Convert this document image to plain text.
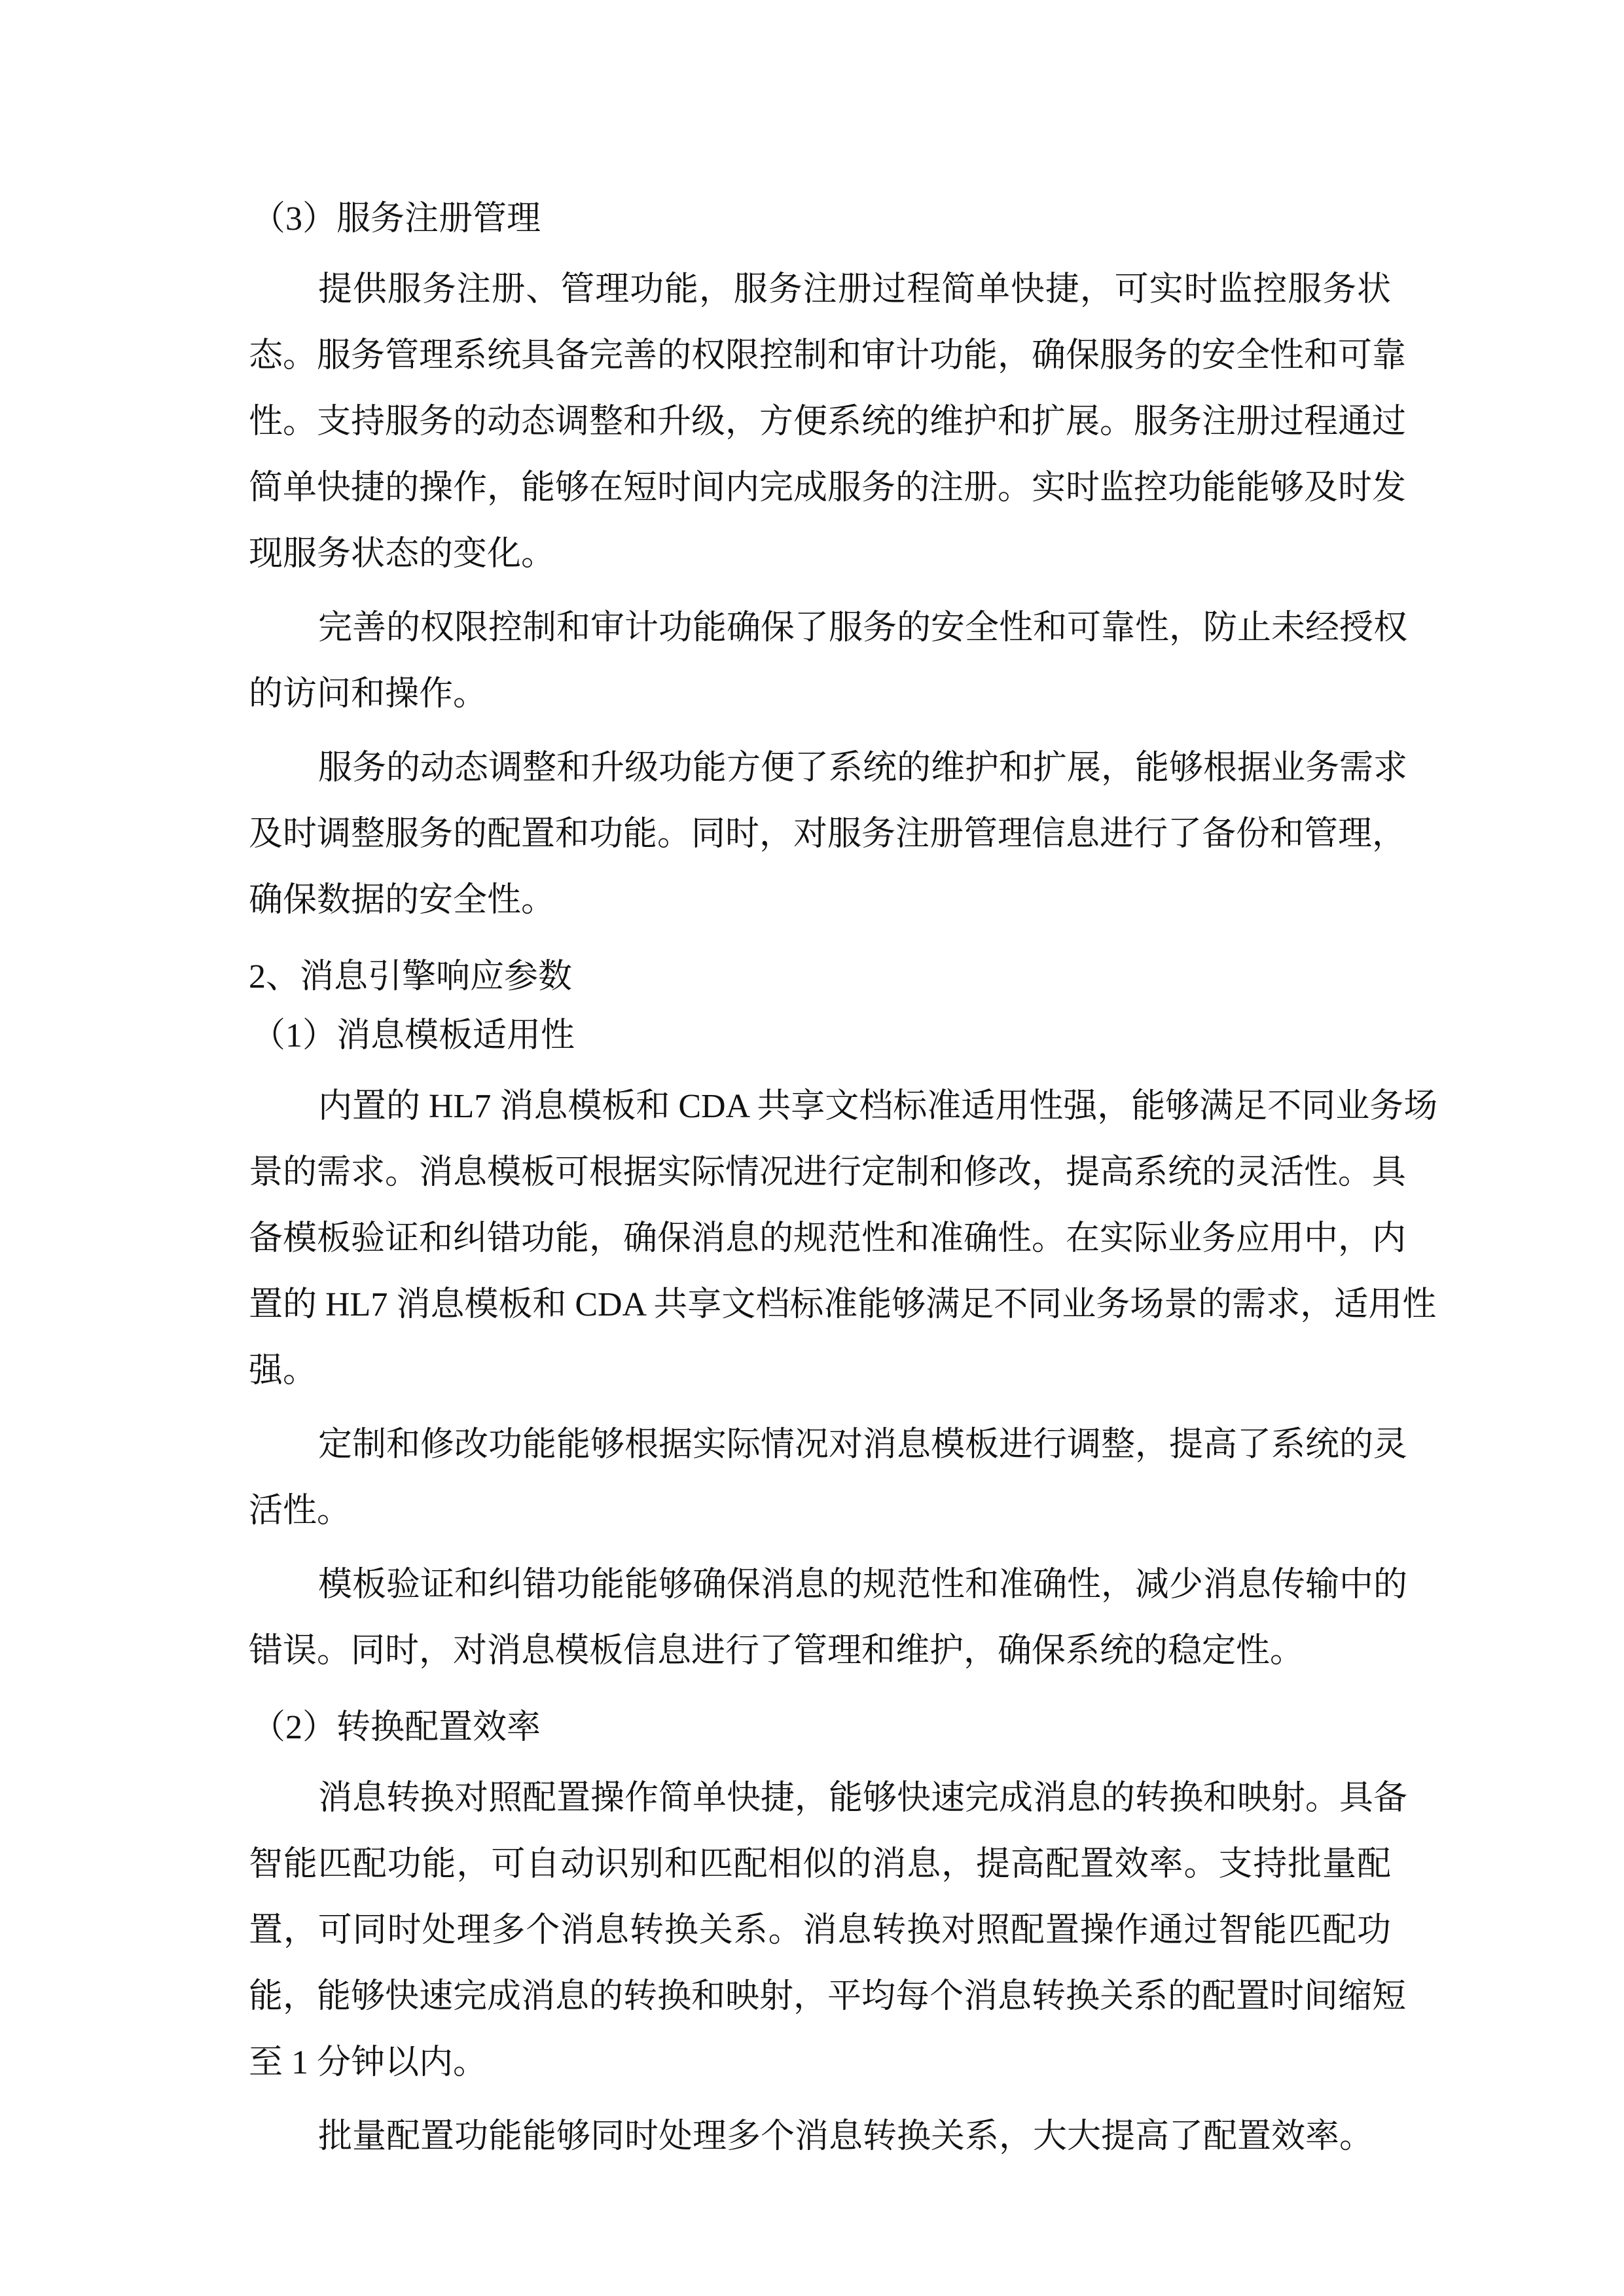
（3）服务注册管理
提供服务注册、管理功能，服务注册过程简单快捷，可实时监控服务状
态。服务管理系统具备完善的权限控制和审计功能，确保服务的安全性和可靠
性。支持服务的动态调整和升级，方便系统的维护和扩展。服务注册过程通过
简单快捷的操作，能够在短时间内完成服务的注册。实时监控功能能够及时发
现服务状态的变化。
完善的权限控制和审计功能确保了服务的安全性和可靠性，防止未经授权
的访问和操作。
服务的动态调整和升级功能方便了系统的维护和扩展，能够根据业务需求
及时调整服务的配置和功能。同时，对服务注册管理信息进行了备份和管理，
确保数据的安全性。
2、消息引擎响应参数
（1）消息模板适用性
内置的 HL7 消息模板和 CDA 共享文档标准适用性强，能够满足不同业务场
景的需求。消息模板可根据实际情况进行定制和修改，提高系统的灵活性。具
备模板验证和纠错功能，确保消息的规范性和准确性。在实际业务应用中，内
置的 HL7 消息模板和 CDA 共享文档标准能够满足不同业务场景的需求，适用性
强。
定制和修改功能能够根据实际情况对消息模板进行调整，提高了系统的灵
活性。
模板验证和纠错功能能够确保消息的规范性和准确性，减少消息传输中的
错误。同时，对消息模板信息进行了管理和维护，确保系统的稳定性。
（2）转换配置效率
消息转换对照配置操作简单快捷，能够快速完成消息的转换和映射。具备
智能匹配功能，可自动识别和匹配相似的消息，提高配置效率。支持批量配
置，可同时处理多个消息转换关系。消息转换对照配置操作通过智能匹配功
能，能够快速完成消息的转换和映射，平均每个消息转换关系的配置时间缩短
至 1 分钟以内。
批量配置功能能够同时处理多个消息转换关系，大大提高了配置效率。
